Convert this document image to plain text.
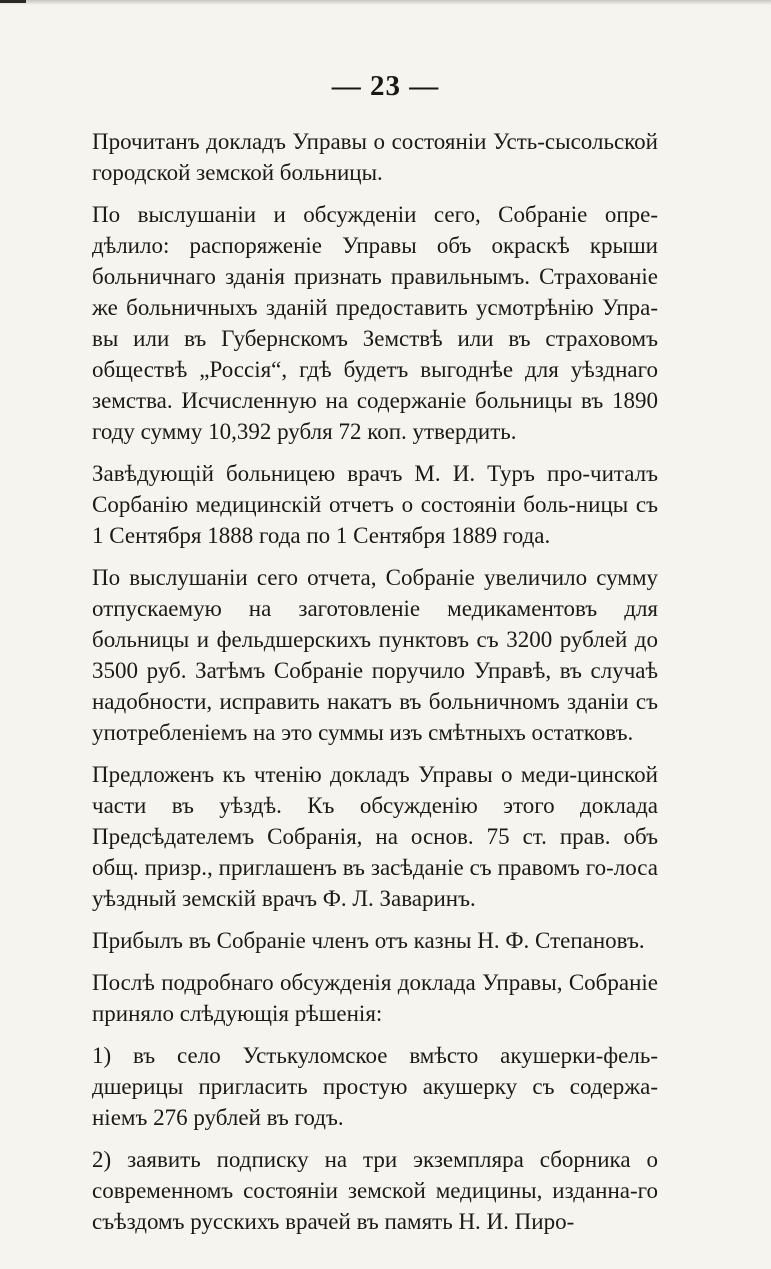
— 23 —

Прочитанъ докладъ Управы о состояніи Усть-сысольской городской земской больницы.

По выслушаніи и обсужденіи сего, Собраніе опре-дѣлило: распоряженіе Управы объ окраскѣ крыши больничнаго зданія признать правильнымъ. Страхованіе же больничныхъ зданій предоставить усмотрѣнію Упра-вы или въ Губернскомъ Земствѣ или въ страховомъ обществѣ „Россія“, гдѣ будетъ выгоднѣе для уѣзднаго земства. Исчисленную на содержаніе больницы въ 1890 году сумму 10,392 рубля 72 коп. утвердить.

Завѣдующій больницею врачъ М. И. Туръ про-читалъ Сорбанію медицинскій отчетъ о состояніи боль-ницы съ 1 Сентября 1888 года по 1 Сентября 1889 года.

По выслушаніи сего отчета, Собраніе увеличило сумму отпускаемую на заготовленіе медикаментовъ для больницы и фельдшерскихъ пунктовъ съ 3200 рублей до 3500 руб. Затѣмъ Собраніе поручило Управѣ, въ случаѣ надобности, исправить накатъ въ больничномъ зданіи съ употребленіемъ на это суммы изъ смѣтныхъ остатковъ.

Предложенъ къ чтенію докладъ Управы о меди-цинской части въ уѣздѣ. Къ обсужденію этого доклада Предсѣдателемъ Собранія, на основ. 75 ст. прав. объ общ. призр., приглашенъ въ засѣданіе съ правомъ го-лоса уѣздный земскій врачъ Ф. Л. Заваринъ.

Прибылъ въ Собраніе членъ отъ казны Н. Ф. Степановъ.

Послѣ подробнаго обсужденія доклада Управы, Собраніе приняло слѣдующія рѣшенія:

1) въ село Устькуломское вмѣсто акушерки-фель-дшерицы пригласить простую акушерку съ содержа-ніемъ 276 рублей въ годъ.

2) заявить подписку на три экземпляра сборника о современномъ состояніи земской медицины, изданна-го съѣздомъ русскихъ врачей въ память Н. И. Пиро-
